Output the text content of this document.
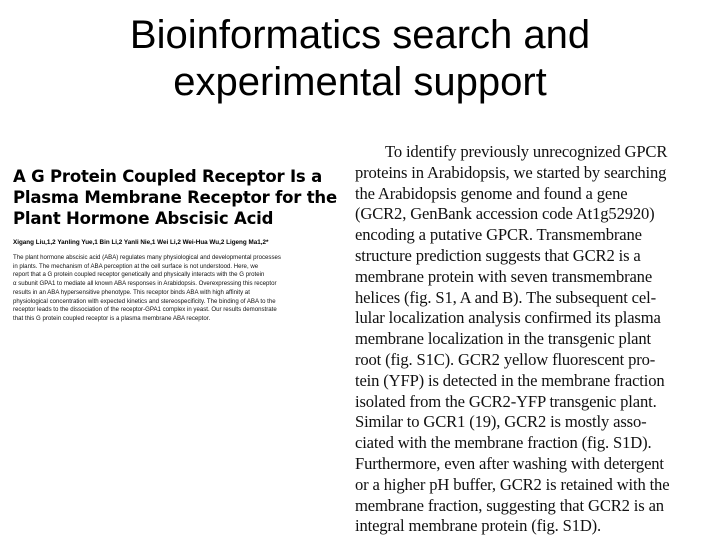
Bioinformatics search and
experimental support
A G Protein Coupled Receptor Is a
Plasma Membrane Receptor for the
Plant Hormone Abscisic Acid
Xigang Liu,1,2 Yanling Yue,1 Bin Li,2 Yanli Nie,1 Wei Li,2 Wei-Hua Wu,2 Ligeng Ma1,2*
The plant hormone abscisic acid (ABA) regulates many physiological and developmental processes
in plants. The mechanism of ABA perception at the cell surface is not understood. Here, we
report that a G protein coupled receptor genetically and physically interacts with the G protein
α subunit GPA1 to mediate all known ABA responses in Arabidopsis. Overexpressing this receptor
results in an ABA hypersensitive phenotype. This receptor binds ABA with high affinity at
physiological concentration with expected kinetics and stereospecificity. The binding of ABA to the
receptor leads to the dissociation of the receptor-GPA1 complex in yeast. Our results demonstrate
that this G protein coupled receptor is a plasma membrane ABA receptor.
To identify previously unrecognized GPCR
proteins in Arabidopsis, we started by searching
the Arabidopsis genome and found a gene
(GCR2, GenBank accession code At1g52920)
encoding a putative GPCR. Transmembrane
structure prediction suggests that GCR2 is a
membrane protein with seven transmembrane
helices (fig. S1, A and B). The subsequent cel-
lular localization analysis confirmed its plasma
membrane localization in the transgenic plant
root (fig. S1C). GCR2 yellow fluorescent pro-
tein (YFP) is detected in the membrane fraction
isolated from the GCR2-YFP transgenic plant.
Similar to GCR1 (19), GCR2 is mostly asso-
ciated with the membrane fraction (fig. S1D).
Furthermore, even after washing with detergent
or a higher pH buffer, GCR2 is retained with the
membrane fraction, suggesting that GCR2 is an
integral membrane protein (fig. S1D).
